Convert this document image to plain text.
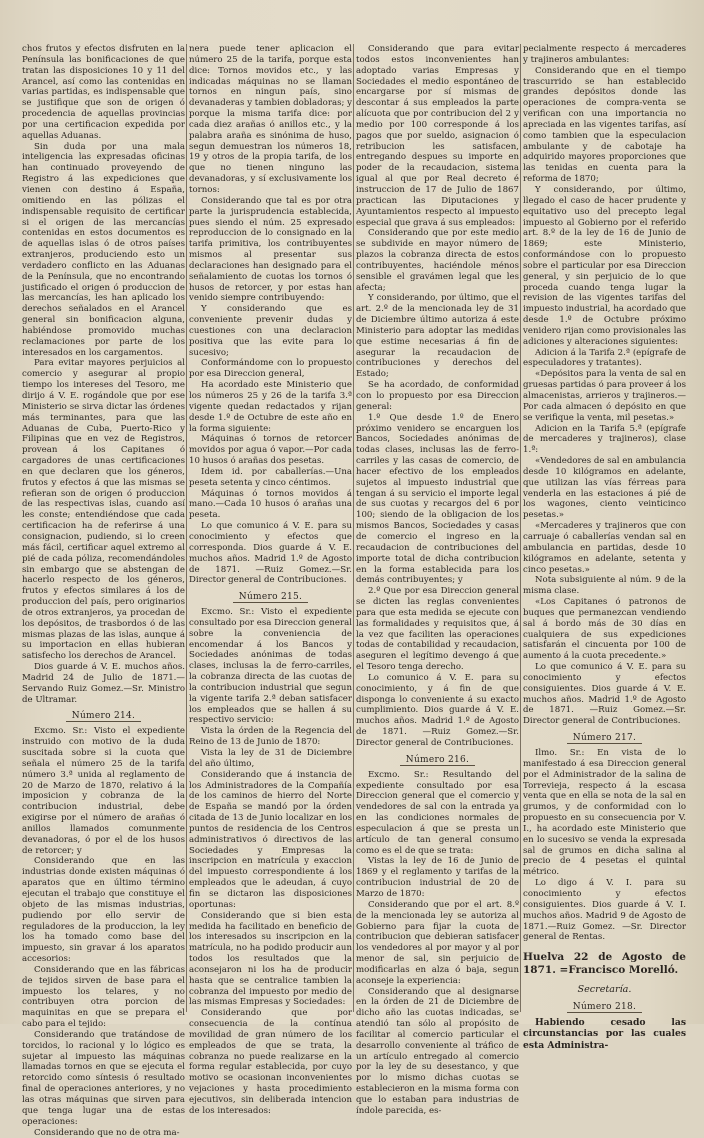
chos frutos y efectos disfruten en la Península las bonificaciones de que tratan las disposiciones 10 y 11 del Arancel, así como las contenidas en varias partidas, es indispensable que se justifique que son de origen ó procedencia de aquellas provincias por una certificacion expedida por aquellas Aduanas.

Sin duda por una mala inteligencia las expresadas oficinas han continuado proveyendo de Registro á las expediciones que vienen con destino á España, omitiendo en las pólizas el indispensable requisito de certificar si el origen de las mercancías contenidas en estos documentos es de aquellas islas ó de otros países extranjeros, produciendo esto un verdadero conflicto en las Aduanas de la Península, que no encontrando justificado el origen ó produccion de las mercancías, les han aplicado los derechos señalados en el Arancel general sin bonificacion alguna, habiéndose promovido muchas reclamaciones por parte de los interesados en los cargamentos.

Para evitar mayores perjuicios al comercio y asegurar al propio tiempo los intereses del Tesoro, me dirijo á V. E. rogándole que por ese Ministerio se sirva dictar las órdenes más terminantes, para que las Aduanas de Cuba, Puerto-Rico y Filipinas que en vez de Registros, provean á los Capitanes ó cargadores de unas certificaciones en que declaren que los géneros, frutos y efectos á que las mismas se refieran son de origen ó produccion de las respectivas islas, cuando así les conste; entendiéndose que cada certificacion ha de referirse á una consignacion, pudiendo, si lo creen más fácil, certificar aquel extremo al pié de cada póliza, recomendándoles sin embargo que se abstengan de hacerlo respecto de los géneros, frutos y efectos similares á los de produccion del país, pero originarios de otros extranjeros, ya procedan de los depósitos, de trasbordos ó de las mismas plazas de las islas, aunque á su importacion en ellas hubieran satisfecho los derechos de Arancel.

Dios guarde á V. E. muchos años. Madrid 24 de Julio de 1871.—Servando Ruiz Gomez.—Sr. Ministro de Ultramar.

Número 214.

Excmo. Sr.: Visto el expediente instruido con motivo de la duda suscitada sobre si la cuota que señala el número 25 de la tarifa número 3.ª unida al reglamento de 20 de Marzo de 1870, relativo á la imposicion y cobranza de la contribucion industrial, debe exigirse por el número de arañas ó anillos llamados comunmente devanadoras, ó por el de los husos de retorcer; y

Considerando que en las industrias donde existen máquinas ó aparatos que en último término ejecutan el trabajo que constituye el objeto de las mismas industrias, pudiendo por ello servir de reguladores de la produccion, la ley los ha tomado como base del impuesto, sin gravar á los aparatos accesorios:

Considerando que en las fábricas de tejidos sirven de base para el impuesto los telares, y no contribuyen otra porcion de maquinitas en que se prepara el cabo para el tejido:

Considerando que tratándose de torcidos, lo racional y lo lógico es sujetar al impuesto las máquinas llamadas tornos en que se ejecuta el retorcido como síntesis ó resultado final de operaciones anteriores, y no las otras máquinas que sirven para que tenga lugar una de estas operaciones:

Considerando que no de otra ma-

nera puede tener aplicacion el número 25 de la tarifa, porque esta dice: Tornos movidos etc., y las indicadas máquinas no se llaman tornos en ningun país, sino devanaderas y tambien dobladoras; y porque la misma tarifa dice: por cada diez arañas ó anillos etc., y la palabra araña es sinónima de huso, segun demuestran los números 18, 19 y otros de la propia tarifa, de los que no tienen ninguno las devanadoras, y sí exclusivamente los tornos:

Considerando que tal es por otra parte la jurisprudencia establecida, pues siendo el núm. 25 expresado reproduccion de lo consignado en la tarifa primitiva, los contribuyentes mismos al presentar sus declaraciones han designado para el señalamiento de cuotas los tornos ó husos de retorcer, y por estas han venido siempre contribuyendo:

Y considerando que es conveniente prevenir dudas y cuestiones con una declaracion positiva que las evite para lo sucesivo;

Conformándome con lo propuesto por esa Direccion general,

Ha acordado este Ministerio que los números 25 y 26 de la tarifa 3.ª vigente quedan redactados y rijan desde 1.º de Octubre de este año en la forma siguiente:

Máquinas ó tornos de retorcer movidos por agua ó vapor.—Por cada 10 husos ó arañas dos pesetas.

Idem id. por caballerías.—Una peseta setenta y cinco céntimos.

Máquinas ó tornos movidos á mano.—Cada 10 husos ó arañas una peseta.

Lo que comunico á V. E. para su conocimiento y efectos que corresponda. Dios guarde á V. E. muchos años. Madrid 1.º de Agosto de 1871. —Ruiz Gomez.—Sr. Director general de Contribuciones.

Número 215.

Excmo. Sr.: Visto el expediente consultado por esa Direccion general sobre la conveniencia de encomendar á los Bancos y Sociedades anónimas de todas clases, inclusas la de ferro-carriles, la cobranza directa de las cuotas de la contribucion industrial que segun la vigente tarifa 2.ª deban satisfacer los empleados que se hallen á su respectivo servicio:

Vista la órden de la Regencia del Reino de 13 de Junio de 1870:

Vista la ley de 31 de Diciembre del año último,

Considerando que á instancia de los Administradores de la Compañía de los caminos de hierro del Norte de España se mandó por la órden citada de 13 de Junio localizar en los puntos de residencia de los Centros administrativos ó directivos de las Sociedades y Empresas la inscripcion en matrícula y exaccion del impuesto correspondiente á los empleados que le adeudan, á cuyo fin se dictaron las disposiciones oportunas:

Considerando que si bien esta medida ha facilitado en beneficio de los interesados su inscripcion en la matrícula, no ha podido producir aun todos los resultados que la aconsejaron ni los ha de producir hasta que se centralice tambien la cobranza del impuesto por medio de las mismas Empresas y Sociedades:

Considerando que por consecuencia de la contínua movilidad de gran número de los empleados de que se trata, la cobranza no puede realizarse en la forma regular establecida, por cuyo motivo se ocasionan inconvenientes vejaciones y hasta procedimiento ejecutivos, sin deliberada intencion de los interesados:

Considerando que para evitar todos estos inconvenientes han adoptado varias Empresas y Sociedades el medio espontáneo de encargarse por sí mismas de descontar á sus empleados la parte alícuota que por contribucion del 2 y medio por 100 corresponde á los pagos que por sueldo, asignacion ó retribucion les satisfacen, entregando despues su importe en poder de la recaudacion, sistema igual al que por Real decreto é instruccion de 17 de Julio de 1867 practican las Diputaciones y Ayuntamientos respecto al impuesto especial que grava á sus empleados:

Considerando que por este medio se subdivide en mayor número de plazos la cobranza directa de estos contribuyentes, haciéndole ménos sensible el gravámen legal que les afecta;

Y considerando, por último, que el art. 2.º de la mencionada ley de 31 de Diciembre último autoriza á este Ministerio para adoptar las medidas que estime necesarias á fin de asegurar la recaudacion de contribuciones y derechos del Estado;

Se ha acordado, de conformidad con lo propuesto por esa Direccion general:

1.º Que desde 1.º de Enero próximo venidero se encarguen los Bancos, Sociedades anónimas de todas clases, inclusas las de ferro-carriles y las casas de comercio, de hacer efectivo de los empleados sujetos al impuesto industrial que tengan á su servicio el importe legal de sus cuotas y recargos del 6 por 100; siendo de la obligacion de los mismos Bancos, Sociedades y casas de comercio el ingreso en la recaudacion de contribuciones del importe total de dicha contribucion en la forma establecida para los demás contribuyentes; y

2.º Que por esa Direccion general se dicten las reglas convenientes para que esta medida se ejecute con las formalidades y requisitos que, á la vez que faciliten las operaciones todas de contabilidad y recaudacion, aseguren el legítimo devengo á que el Tesoro tenga derecho.

Lo comunico á V. E. para su conocimiento, y á fin de que disponga lo conveniente á su exacto cumplimiento. Dios guarde á V. E. muchos años. Madrid 1.º de Agosto de 1871. —Ruiz Gomez.—Sr. Director general de Contribuciones.

Número 216.

Excmo. Sr.: Resultando del expediente consultado por esa Direccion general que el comercio y vendedores de sal con la entrada ya en las condiciones normales de especulacion á que se presta un artículo de tan general consumo como es el de que se trata:

Vistas la ley de 16 de Junio de 1869 y el reglamento y tarifas de la contribucion industrial de 20 de Marzo de 1870:

Considerando que por el art. 8.º de la mencionada ley se autoriza al Gobierno para fijar la cuota de contribucion que debieran satisfacer los vendedores al por mayor y al por menor de sal, sin perjuicio de modificarlas en alza ó baja, segun aconseje la experiencia:

Considerando que al designarse en la órden de 21 de Diciembre de dicho año las cuotas indicadas, se atendió tan sólo al propósito de facilitar al comercio particular el desarrollo conveniente al tráfico de un artículo entregado al comercio por la ley de su desestanco, y que por lo mismo dichas cuotas se establecieron en la misma forma con que lo estaban para industrias de índole parecida, es-

pecialmente respecto á mercaderes y trajineros ambulantes:

Considerando que en el tiempo trascurrido se han establecido grandes depósitos donde las operaciones de compra-venta se verifican con una importancia no apreciada en las vigentes tarifas, así como tambien que la especulacion ambulante y de cabotaje ha adquirido mayores proporciones que las tenidas en cuenta para la reforma de 1870;

Y considerando, por último, llegado el caso de hacer prudente y equitativo uso del precepto legal impuesto al Gobierno por el referido art. 8.º de la ley de 16 de Junio de 1869; este Ministerio, conformándose con lo propuesto sobre el particular por esa Direccion general, y sin perjuicio de lo que proceda cuando tenga lugar la revision de las vigentes tarifas del impuesto industrial, ha acordado que desde 1.º de Octubre próximo venidero rijan como provisionales las adiciones y alteraciones siguientes:

Adicion á la Tarifa 2.ª (epígrafe de especuladores y tratantes).

«Depósitos para la venta de sal en gruesas partidas ó para proveer á los almacenistas, arrieros y trajineros.—Por cada almacen ó depósito en que se verifique la venta, mil pesetas.»

Adicion en la Tarifa 5.ª (epígrafe de mercaderes y trajineros), clase 1.ª:

«Vendedores de sal en ambulancia desde 10 kilógramos en adelante, que utilizan las vías férreas para venderla en las estaciones á pié de los wagones, ciento veinticinco pesetas.»

«Mercaderes y trajineros que con carruaje ó caballerías vendan sal en ambulancia en partidas, desde 10 kilógramos en adelante, setenta y cinco pesetas.»

Nota subsiguiente al núm. 9 de la misma clase.

«Los Capitanes ó patronos de buques que permanezcan vendiendo sal á bordo más de 30 días en cualquiera de sus expediciones satisfarán el cincuenta por 100 de aumento á la cuota precedente.»

Lo que comunico á V. E. para su conocimiento y efectos consiguientes. Dios guarde á V. E. muchos años. Madrid 1.º de Agosto de 1871. —Ruiz Gomez.—Sr. Director general de Contribuciones.

Número 217.

Ilmo. Sr.: En vista de lo manifestado á esa Direccion general por el Administrador de la salina de Torrevieja, respecto á la escasa venta que en ella se nota de la sal en grumos, y de conformidad con lo propuesto en su consecuencia por V. I., ha acordado este Ministerio que en lo sucesivo se venda la expresada sal de grumos en dicha salina al precio de 4 pesetas el quintal métrico.

Lo digo á V. I. para su conocimiento y efectos consiguientes. Dios guarde á V. I. muchos años. Madrid 9 de Agosto de 1871.—Ruiz Gomez. —Sr. Director general de Rentas.

Huelva 22 de Agosto de 1871. =Francisco Morelló.

Secretaría.

Número 218.

Habiendo cesado las circunstancias por las cuales esta Administra-
